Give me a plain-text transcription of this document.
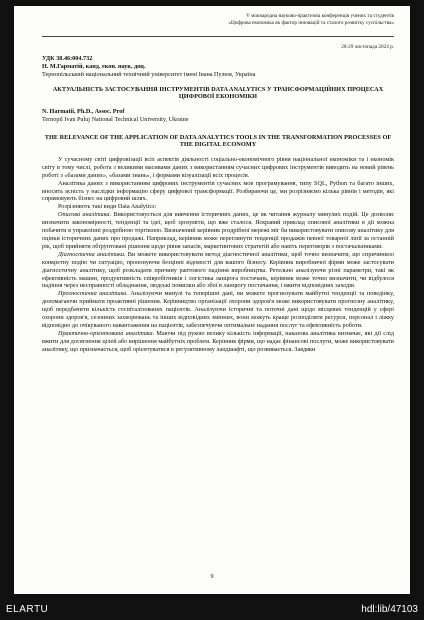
V міжнародна науково-практична конференція учених та студентів
«Цифрова економіка як фактор інновацій та сталого розвитку суспільства»
28-29 листопада 2024 р.

УДК 38.46:004.732

Н. М.Гарматій, канд. екон. наук, доц.

Тернопільський національний технічний університет імені Івана Пулюя, Україна

АКТУАЛЬНІСТЬ ЗАСТОСУВАННЯ ІНСТРУМЕНТІВ DATA ANALYTICS У ТРАНСФОРМАЦІЙНИХ ПРОЦЕСАХ ЦИФРОВОЇ ЕКОНОМІКИ

N. Harmatii, Ph.D., Assoc. Prof

Ternopil Ivan Puluj National Technical University, Ukraine

THE RELEVANCE OF THE APPLICATION OF DATA ANALYTICS TOOLS IN THE TRANSFORMATION PROCESSES OF THE DIGITAL ECONOMY

У сучасному світі цифровізації всіх аспектів діяльності соціально-економічного рівня національної економіки та і економік світу в тому числі, робота з великими масивами даних з використанням сучасних цифрових інструментів виводить на новий рівень роботі з «базами даних», «базами знань», і формами візуалізації всіх процесів.

Аналітика даних з використанням цифрових інструментів сучасних мов програмування, типу SQL, Python та багато інших, вносить ясність у наслідки інформацію сферу цифрової трансформації. Розбираючи це, ми розрізняємо кілька рівнів і методів, які спрямовують бізнес на цифровий шлях.

Розрізняють такі види Data Analytics:

Описова аналітика. Використовується для вивчення історичних даних, це як читання журналу минулих подій. Це дозволяє визначити закономірності, тенденції та ідеї, щоб зрозуміти, що вже сталося. Яскравий приклад описової аналітики в дії можна побачити в управлінні роздрібною торгівлею. Визначений керівник роздрібної мережі міг би використовувати описову аналітику для оцінки історичних даних про продажі. Наприклад, керівник може переглянути тенденції продажів певної товарної лінії за останній рік, щоб прийняти обґрунтовані рішення щодо рівня запасів, маркетингових стратегій або навіть переговорів з постачальниками.

Діагностична аналітика. Ви можете використовувати метод діагностичної аналітики, щоб точно визначити, що спричинило конкретну подію чи ситуацію, пропонуючи безцінні відомості для вашого бізнесу. Керівник виробничої фірми може застосувати діагностичну аналітику, щоб розкладати причину раптового падіння виробництва. Ретельно аналізуючи різні параметри, такі як ефективність машин, продуктивність співробітників і логістика ланцюга постачань, керівник може точно визначити, чи відбулося падіння через несправності обладнання, людські помилки або збої в ланцюгу постачання, і вжити відповідних заходів.

Прогностична аналітика. Аналізуючи минулі та теперішні дані, ви можете прогнозувати майбутні тенденції та поведінку, допомагаючи приймати проактивні рішення. Керівництво організації охорони здоров'я може використовувати прогнозну аналітику, щоб передбачити кількість госпіталізованих пацієнтів. Аналізуючи історичні та поточні дані щодо місцевих тенденцій у сфері охорони здоров'я, сезонних захворювань та інших відповідних змінних, вони можуть краще розподіляти ресурси, персонал і ліжку відповідно до очікуваного навантаження на пацієнтів, забезпечуючи оптимальне надання послуг та ефективність роботи.

Практично-орієнтована аналітика. Маючи під рукою велику кількість інформації, наказова аналітика визначає, які дії слід вжити для досягнення цілей або вирішення майбутніх проблем. Керівник фірми, що надає фінансові послуги, може використовувати аналітику, що призначається, щоб орієнтуватися в регулятивному ландшафті, що розвивається. Завдяки

9
ELARTU	hdl:lib/47103
